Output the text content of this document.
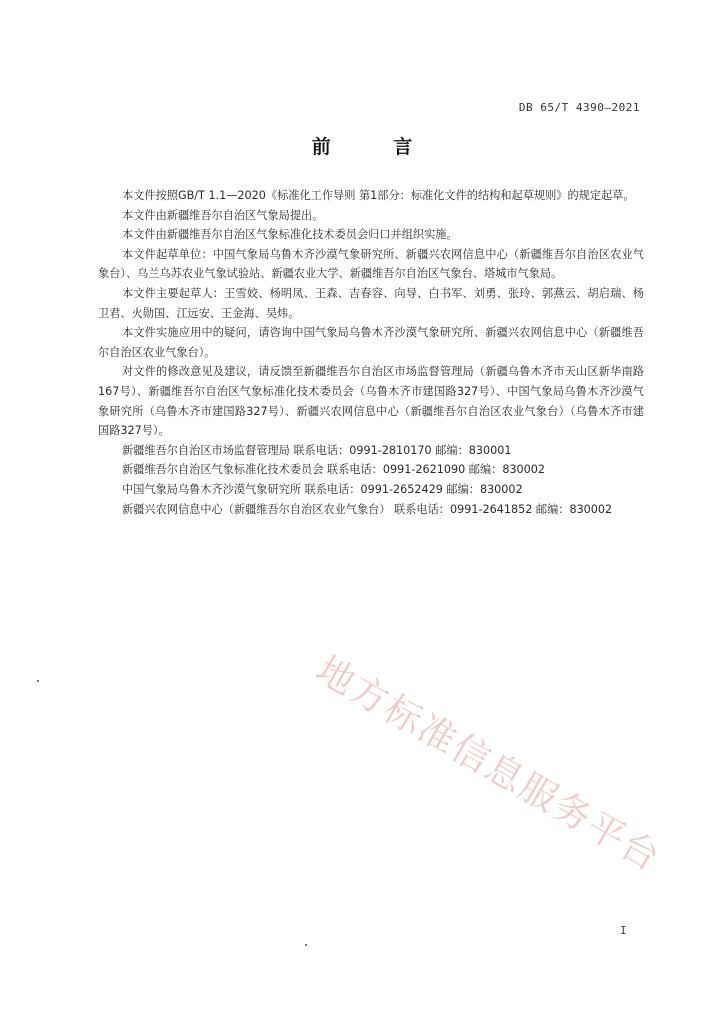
DB 65/T 4390—2021
前 言

本文件按照GB/T 1.1—2020《标准化工作导则 第1部分：标准化文件的结构和起草规则》的规定起草。

本文件由新疆维吾尔自治区气象局提出。

本文件由新疆维吾尔自治区气象标准化技术委员会归口并组织实施。

本文件起草单位：中国气象局乌鲁木齐沙漠气象研究所、新疆兴农网信息中心（新疆维吾尔自治区农业气象台）、乌兰乌苏农业气象试验站、新疆农业大学、新疆维吾尔自治区气象台、塔城市气象局。

本文件主要起草人：王雪姣、杨明凤、王森、吉春容、向导、白书军、刘勇、张玲、郭燕云、胡启瑞、杨卫君、火勋国、江远安、王金海、吴炜。

本文件实施应用中的疑问，请咨询中国气象局乌鲁木齐沙漠气象研究所、新疆兴农网信息中心（新疆维吾尔自治区农业气象台）。

对文件的修改意见及建议，请反馈至新疆维吾尔自治区市场监督管理局（新疆乌鲁木齐市天山区新华南路167号）、新疆维吾尔自治区气象标准化技术委员会（乌鲁木齐市建国路327号）、中国气象局乌鲁木齐沙漠气象研究所（乌鲁木齐市建国路327号）、新疆兴农网信息中心（新疆维吾尔自治区农业气象台）（乌鲁木齐市建国路327号）。

新疆维吾尔自治区市场监督管理局 联系电话：0991-2810170 邮编：830001

新疆维吾尔自治区气象标准化技术委员会 联系电话：0991-2621090 邮编：830002

中国气象局乌鲁木齐沙漠气象研究所 联系电话：0991-2652429 邮编：830002

新疆兴农网信息中心（新疆维吾尔自治区农业气象台） 联系电话：0991-2641852 邮编：830002

地方标准信息服务平台
I
